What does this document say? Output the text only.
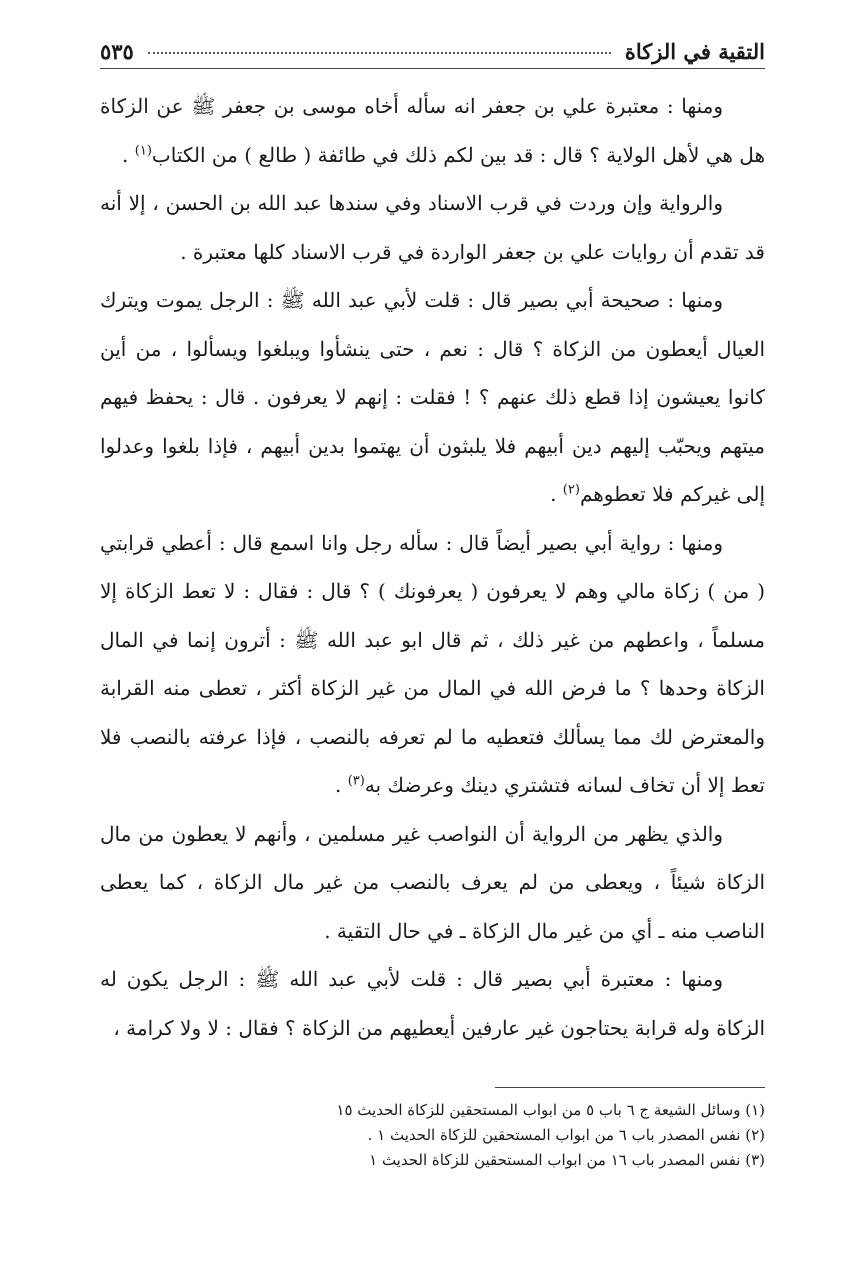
التقية في الزكاة
٥٣٥

ومنها : معتبرة علي بن جعفر انه سأله أخاه موسى بن جعفر ﷺ عن الزكاة هل هي لأهل الولاية ؟ قال : قد بين لكم ذلك في طائفة ( طالع ) من الكتاب$^{(١)}$ .

والرواية وإن وردت في قرب الاسناد وفي سندها عبد الله بن الحسن ، إلا أنه قد تقدم أن روايات علي بن جعفر الواردة في قرب الاسناد كلها معتبرة .

ومنها : صحيحة أبي بصير قال : قلت لأبي عبد الله ﷺ : الرجل يموت ويترك العيال أيعطون من الزكاة ؟ قال : نعم ، حتى ينشأوا ويبلغوا ويسألوا ، من أين كانوا يعيشون إذا قطع ذلك عنهم ؟ ! فقلت : إنهم لا يعرفون . قال : يحفظ فيهم ميتهم ويحبّب إليهم دين أبيهم فلا يلبثون أن يهتموا بدين أبيهم ، فإذا بلغوا وعدلوا إلى غيركم فلا تعطوهم$^{(٢)}$ .

ومنها : رواية أبي بصير أيضاً قال : سأله رجل وانا اسمع قال : أعطي قرابتي ( من ) زكاة مالي وهم لا يعرفون ( يعرفونك ) ؟ قال : فقال : لا تعط الزكاة إلا مسلماً ، واعطهم من غير ذلك ، ثم قال ابو عبد الله ﷺ : أترون إنما في المال الزكاة وحدها ؟ ما فرض الله في المال من غير الزكاة أكثر ، تعطى منه القرابة والمعترض لك مما يسألك فتعطيه ما لم تعرفه بالنصب ، فإذا عرفته بالنصب فلا تعط إلا أن تخاف لسانه فتشتري دينك وعرضك به$^{(٣)}$ .

والذي يظهر من الرواية أن النواصب غير مسلمين ، وأنهم لا يعطون من مال الزكاة شيئاً ، ويعطى من لم يعرف بالنصب من غير مال الزكاة ، كما يعطى الناصب منه ـ أي من غير مال الزكاة ـ في حال التقية .

ومنها : معتبرة أبي بصير قال : قلت لأبي عبد الله ﷺ : الرجل يكون له الزكاة وله قرابة يحتاجون غير عارفين أيعطيهم من الزكاة ؟ فقال : لا ولا كرامة ،

(١) وسائل الشيعة ج ٦ باب ٥ من ابواب المستحقين للزكاة الحديث ١٥

(٢) نفس المصدر باب ٦ من ابواب المستحقين للزكاة الحديث ١ .

(٣) نفس المصدر باب ١٦ من ابواب المستحقين للزكاة الحديث ١
